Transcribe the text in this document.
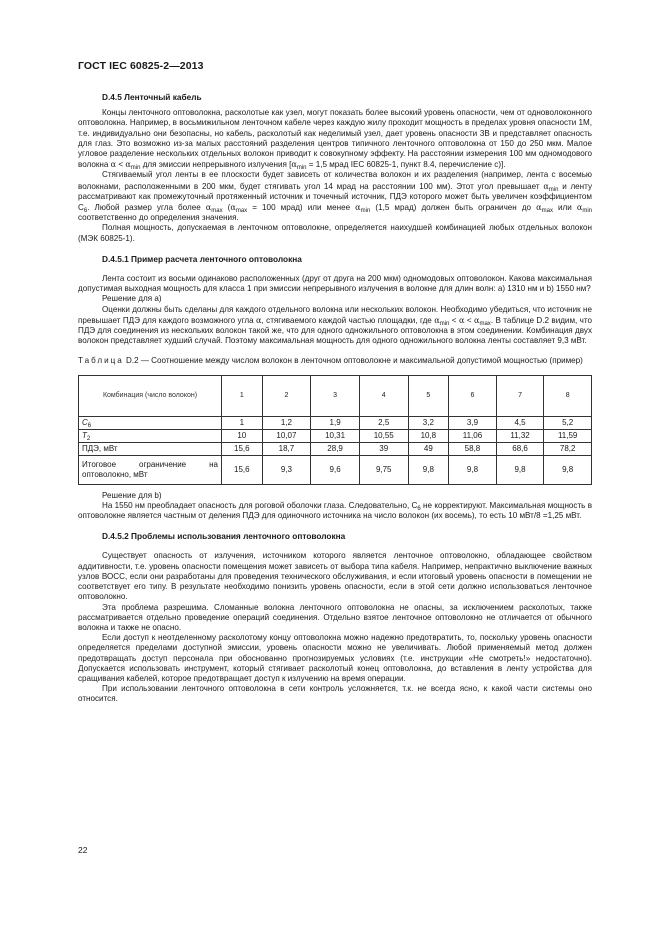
ГОСТ IEC 60825-2—2013
D.4.5 Ленточный кабель

Концы ленточного оптоволокна, расколотые как узел, могут показать более высокий уровень опасности, чем от одноволоконного оптоволокна. Например, в восьмижильном ленточном кабеле через каждую жилу проходит мощность в пределах уровня опасности 1М, т.е. индивидуально они безопасны, но кабель, расколотый как неделимый узел, дает уровень опасности 3В и представляет опасность для глаз. Это возможно из-за малых расстояний разделения центров типичного ленточного оптоволокна от 150 до 250 мкм. Малое угловое разделение нескольких отдельных волокон приводит к совокупному эффекту. На расстоянии измерения 100 мм одномодового волокна $\alpha < \alpha_{min}$ для эмиссии непрерывного излучения [$\alpha_{min} = 1,5$ мрад IEC 60825-1, пункт 8.4, перечисление с)].

Стягиваемый угол ленты в ее плоскости будет зависеть от количества волокон и их разделения (например, лента с восемью волокнами, расположенными в 200 мкм, будет стягивать угол 14 мрад на расстоянии 100 мм). Этот угол превышает $\alpha_{min}$ и ленту рассматривают как промежуточный протяженный источник и точечный источник, ПДЭ которого может быть увеличен коэффициентом $С_6$. Любой размер угла более $\alpha_{max}$ ($\alpha_{max} = 100$ мрад) или менее $\alpha_{min}$ (1,5 мрад) должен быть ограничен до $\alpha_{max}$ или $\alpha_{min}$ соответственно до определения значения.

Полная мощность, допускаемая в ленточном оптоволокне, определяется наихудшей комбинацией любых отдельных волокон (МЭК 60825-1).

D.4.5.1 Пример расчета ленточного оптоволокна

Лента состоит из восьми одинаково расположенных (друг от друга на 200 мкм) одномодовых оптоволокон. Какова максимальная допустимая выходная мощность для класса 1 при эмиссии непрерывного излучения в волокне для длин волн: а) 1310 нм и b) 1550 нм?

Решение для а)

Оценки должны быть сделаны для каждого отдельного волокна или нескольких волокон. Необходимо убедиться, что источник не превышает ПДЭ для каждого возможного угла α, стягиваемого каждой частью площадки, где $\alpha_{min} < \alpha < \alpha_{max}$. В таблице D.2 видим, что ПДЭ для соединения из нескольких волокон такой же, что для одного одножильного оптоволокна в этом соединении. Комбинация двух волокон представляет худший случай. Поэтому максимальная мощность для одного одножильного волокна ленты составляет 9,3 мВт.

Таблица D.2 — Соотношение между числом волокон в ленточном оптоволокне и максимальной допустимой мощностью (пример)

Комбинация (число волокон)	1	2	3	4	5	6	7	8
$C_6$	1	1,2	1,9	2,5	3,2	3,9	4,5	5,2
$T_2$	10	10,07	10,31	10,55	10,8	11,06	11,32	11,59
ПДЭ, мВт	15,6	18,7	28,9	39	49	58,8	68,6	78,2
Итоговое ограничение на оптоволокно, мВт	15,6	9,3	9,6	9,75	9,8	9,8	9,8	9,8

Решение для b)

На 1550 нм преобладает опасность для роговой оболочки глаза. Следовательно, $С_6$ не корректируют. Максимальная мощность в оптоволокне является частным от деления ПДЭ для одиночного источника на число волокон (их восемь), то есть 10 мВт/8 =1,25 мВт.

D.4.5.2 Проблемы использования ленточного оптоволокна

Существует опасность от излучения, источником которого является ленточное оптоволокно, обладающее свойством аддитивности, т.е. уровень опасности помещения может зависеть от выбора типа кабеля. Например, непрактично выключение важных узлов ВОСС, если они разработаны для проведения технического обслуживания, и если итоговый уровень опасности в помещении не соответствует его типу. В результате необходимо понизить уровень опасности, если в этой сети должно использоваться ленточное оптоволокно.

Эта проблема разрешима. Сломанные волокна ленточного оптоволокна не опасны, за исключением расколотых, также рассматривается отдельно проведение операций соединения. Отдельно взятое ленточное оптоволокно не отличается от обычного волокна и также не опасно.

Если доступ к неотделенному расколотому концу оптоволокна можно надежно предотвратить, то, поскольку уровень опасности определяется пределами доступной эмиссии, уровень опасности можно не увеличивать. Любой применяемый метод должен предотвращать доступ персонала при обоснованно прогнозируемых условиях (т.е. инструкции «Не смотреть!» недостаточно). Допускается использовать инструмент, который стягивает расколотый конец оптоволокна, до вставления в ленту устройства для сращивания кабелей, которое предотвращает доступ к излучению на время операции.

При использовании ленточного оптоволокна в сети контроль усложняется, т.к. не всегда ясно, к какой части системы оно относится.

22
